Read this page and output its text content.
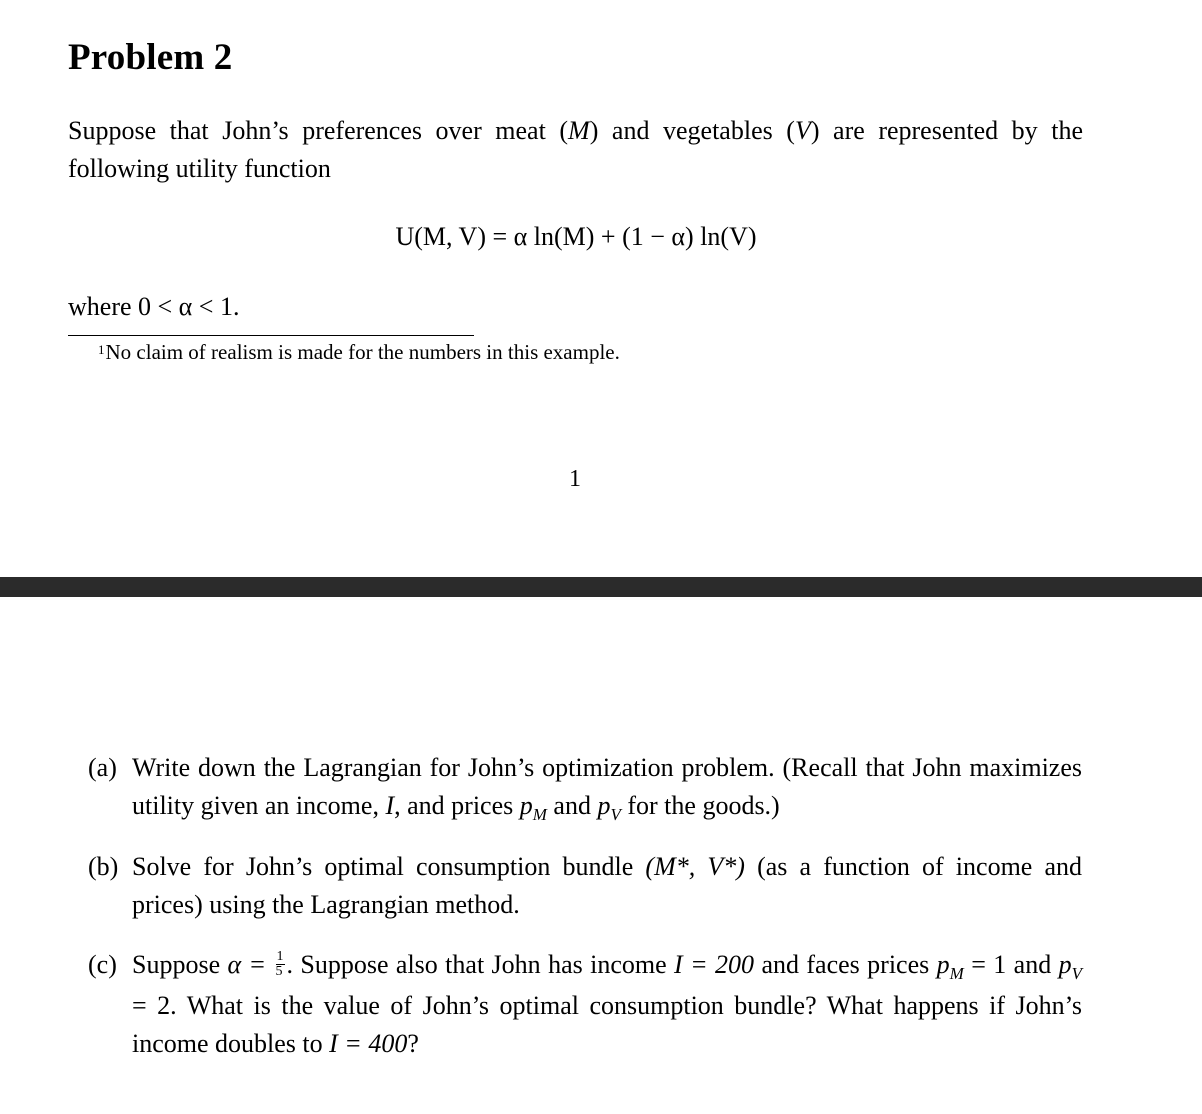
Problem 2
Suppose that John’s preferences over meat (M) and vegetables (V) are represented by the following utility function
U(M, V) = α ln(M) + (1 − α) ln(V)
where 0 < α < 1.
$^1$No claim of realism is made for the numbers in this example.
1
(a) Write down the Lagrangian for John’s optimization problem. (Recall that John maximizes utility given an income, I, and prices $p_M$ and $p_V$ for the goods.)
(b) Solve for John’s optimal consumption bundle (M*, V*) (as a function of income and prices) using the Lagrangian method.
(c) Suppose $\alpha = \frac{1}{5}$ . Suppose also that John has income I = 200 and faces prices $p_M = 1$ and $p_V = 2$. What is the value of John’s optimal consumption bundle? What happens if John’s income doubles to I = 400?
